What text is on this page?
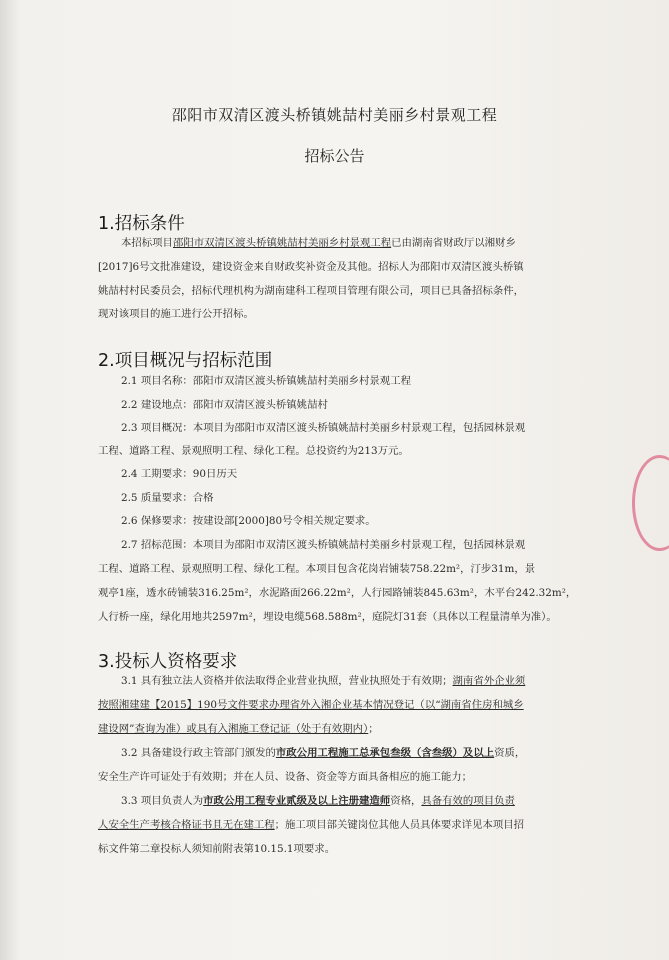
邵阳市双清区渡头桥镇姚喆村美丽乡村景观工程
招标公告
1.招标条件
本招标项目邵阳市双清区渡头桥镇姚喆村美丽乡村景观工程已由湖南省财政厅以湘财乡
[2017]6号文批准建设，建设资金来自财政奖补资金及其他。招标人为邵阳市双清区渡头桥镇
姚喆村村民委员会，招标代理机构为湖南建科工程项目管理有限公司，项目已具备招标条件，
现对该项目的施工进行公开招标。
2.项目概况与招标范围
2.1 项目名称：邵阳市双清区渡头桥镇姚喆村美丽乡村景观工程
2.2 建设地点：邵阳市双清区渡头桥镇姚喆村
2.3 项目概况：本项目为邵阳市双清区渡头桥镇姚喆村美丽乡村景观工程，包括园林景观
工程、道路工程、景观照明工程、绿化工程。总投资约为213万元。
2.4 工期要求：90日历天
2.5 质量要求：合格
2.6 保修要求：按建设部[2000]80号令相关规定要求。
2.7 招标范围：本项目为邵阳市双清区渡头桥镇姚喆村美丽乡村景观工程，包括园林景观
工程、道路工程、景观照明工程、绿化工程。本项目包含花岗岩铺装758.22m²，汀步31m，景
观亭1座，透水砖铺装316.25m²，水泥路面266.22m²，人行园路铺装845.63m²，木平台242.32m²，
人行桥一座，绿化用地共2597m²，埋设电缆568.588m²，庭院灯31套（具体以工程量清单为准）。
3.投标人资格要求
3.1 具有独立法人资格并依法取得企业营业执照，营业执照处于有效期；湖南省外企业须
按照湘建建【2015】190号文件要求办理省外入湘企业基本情况登记（以“湖南省住房和城乡
建设网”查询为准）或具有入湘施工登记证（处于有效期内）；
3.2 具备建设行政主管部门颁发的市政公用工程施工总承包叁级（含叁级）及以上资质，
安全生产许可证处于有效期；并在人员、设备、资金等方面具备相应的施工能力；
3.3 项目负责人为市政公用工程专业贰级及以上注册建造师资格，具备有效的项目负责
人安全生产考核合格证书且无在建工程；施工项目部关键岗位其他人员具体要求详见本项目招
标文件第二章投标人须知前附表第10.15.1项要求。
